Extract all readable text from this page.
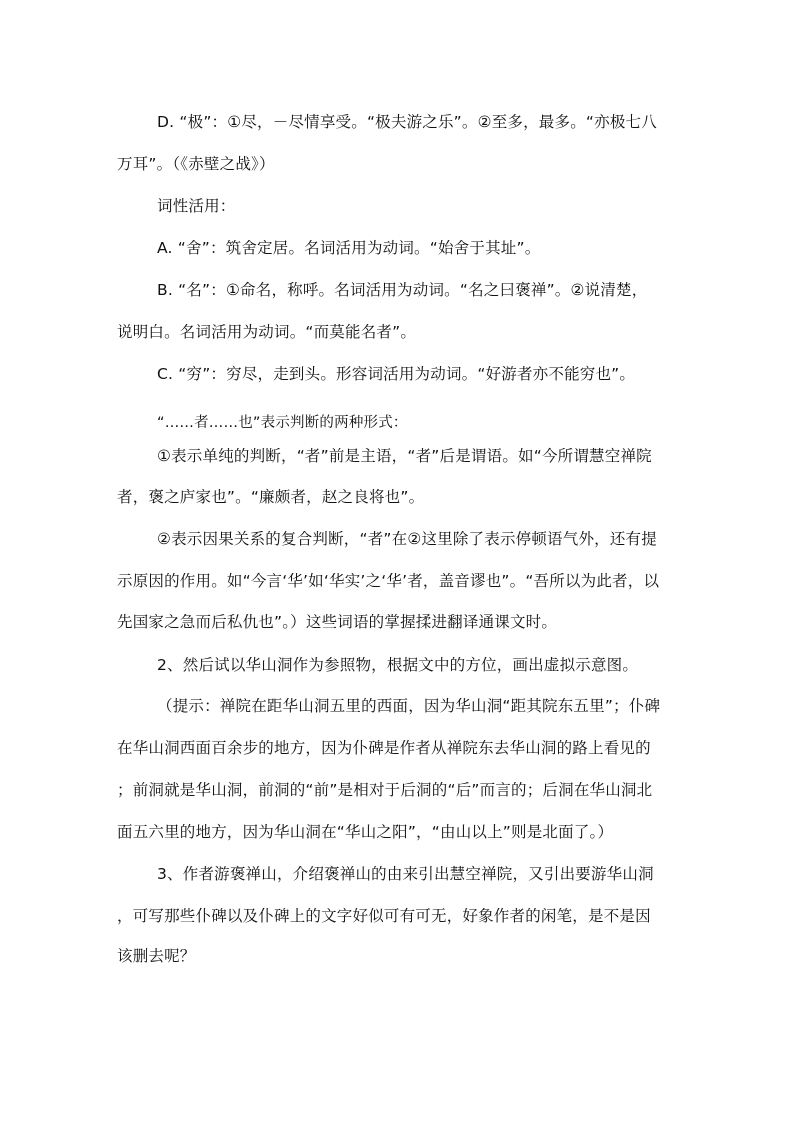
D. “极”：①尽，－尽情享受。“极夫游之乐”。②至多，最多。“亦极七八
万耳”。（《赤壁之战》）
词性活用：
A. “舍”：筑舍定居。名词活用为动词。“始舍于其址”。
B. “名”：①命名，称呼。名词活用为动词。“名之曰褒禅”。②说清楚，
说明白。名词活用为动词。“而莫能名者”。
C. “穷”：穷尽，走到头。形容词活用为动词。“好游者亦不能穷也”。
“……者……也”表示判断的两种形式：
①表示单纯的判断，“者”前是主语，“者”后是谓语。如“今所谓慧空禅院
者，褒之庐家也”。“廉颇者，赵之良将也”。
②表示因果关系的复合判断，“者”在②这里除了表示停顿语气外，还有提
示原因的作用。如“今言‘华’如‘华实’之‘华’者，盖音谬也”。“吾所以为此者，以
先国家之急而后私仇也”。）这些词语的掌握揉进翻译通课文时。
2、然后试以华山洞作为参照物，根据文中的方位，画出虚拟示意图。
（提示：禅院在距华山洞五里的西面，因为华山洞“距其院东五里”；仆碑
在华山洞西面百余步的地方，因为仆碑是作者从禅院东去华山洞的路上看见的
；前洞就是华山洞，前洞的“前”是相对于后洞的“后”而言的；后洞在华山洞北
面五六里的地方，因为华山洞在“华山之阳”，“由山以上”则是北面了。）
3、作者游褒禅山，介绍褒禅山的由来引出慧空禅院，又引出要游华山洞
，可写那些仆碑以及仆碑上的文字好似可有可无，好象作者的闲笔，是不是因
该删去呢？
